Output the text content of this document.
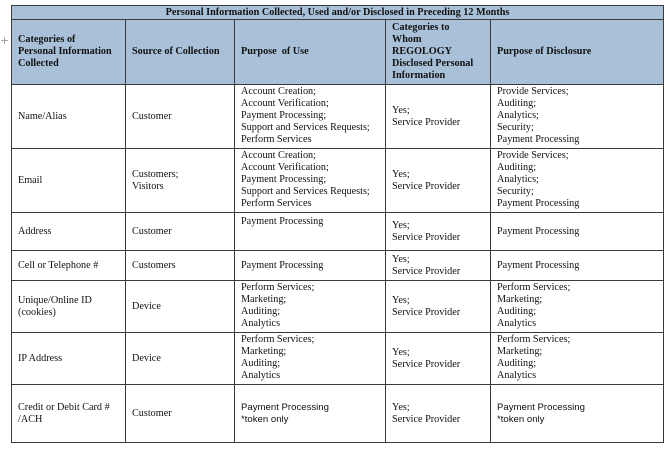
+
Personal Information Collected, Used and/or Disclosed in Preceding 12 Months				

Categories of
Personal Information
Collected	Source of Collection	Purpose  of Use	Categories to
Whom
REGOLOGY
Disclosed Personal
Information	Purpose of Disclosure

Name/Alias	Customer	Account Creation;
Account Verification;
Payment Processing;
Support and Services Requests;
Perform Services	Yes;
Service Provider	Provide Services;
Auditing;
Analytics;
Security;
Payment Processing

Email	Customers;
Visitors	Account Creation;
Account Verification;
Payment Processing;
Support and Services Requests;
Perform Services	Yes;
Service Provider	Provide Services;
Auditing;
Analytics;
Security;
Payment Processing

Address	Customer	Payment Processing	Yes;
Service Provider	Payment Processing

Cell or Telephone #	Customers	Payment Processing	Yes;
Service Provider	Payment Processing

Unique/Online ID
(cookies)	Device	Perform Services;
Marketing;
Auditing;
Analytics	Yes;
Service Provider	Perform Services;
Marketing;
Auditing;
Analytics

IP Address	Device	Perform Services;
Marketing;
Auditing;
Analytics	Yes;
Service Provider	Perform Services;
Marketing;
Auditing;
Analytics

Credit or Debit Card #
/ACH	Customer	Payment Processing
*token only	Yes;
Service Provider	Payment Processing
*token only
